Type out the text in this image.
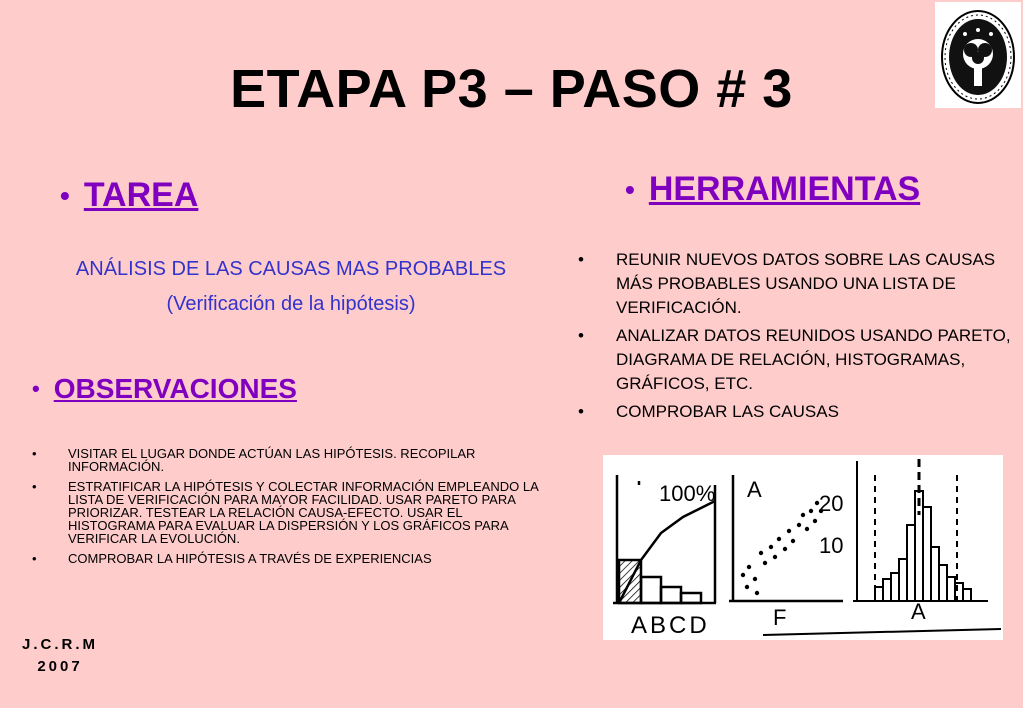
ETAPA P3 – PASO # 3
• TAREA
ANÁLISIS DE LAS CAUSAS MAS PROBABLES
(Verificación de la hipótesis)
• HERRAMIENTAS
• REUNIR NUEVOS DATOS SOBRE LAS CAUSAS MÁS PROBABLES USANDO UNA LISTA DE VERIFICACIÓN.
• ANALIZAR DATOS REUNIDOS USANDO PARETO, DIAGRAMA DE RELACIÓN, HISTOGRAMAS, GRÁFICOS, ETC.
• COMPROBAR LAS CAUSAS
• OBSERVACIONES
• VISITAR EL LUGAR DONDE ACTÚAN LAS HIPÓTESIS. RECOPILAR INFORMACIÓN.
• ESTRATIFICAR LA HIPÓTESIS Y COLECTAR INFORMACIÓN EMPLEANDO LA LISTA DE VERIFICACIÓN PARA MAYOR FACILIDAD. USAR PARETO PARA PRIORIZAR. TESTEAR LA RELACIÓN CAUSA-EFECTO. USAR EL HISTOGRAMA PARA EVALUAR LA DISPERSIÓN Y LOS GRÁFICOS PARA VERIFICAR LA EVOLUCIÓN.
• COMPROBAR LA HIPÓTESIS A TRAVÉS DE EXPERIENCIAS
J.C.R.M
2007
100%
ABCD
A
F
20
10
A
